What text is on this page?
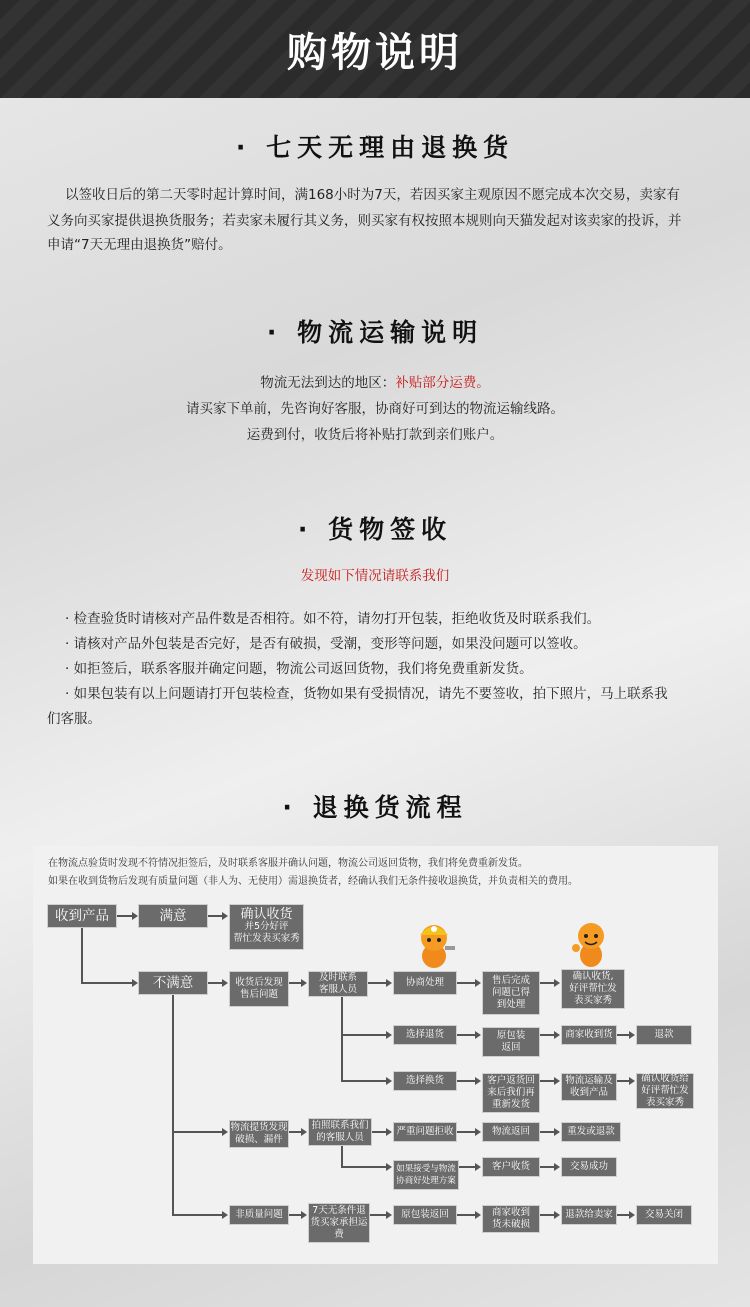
购物说明
· 七天无理由退换货
以签收日后的第二天零时起计算时间，满168小时为7天，若因买家主观原因不愿完成本次交易，卖家有
义务向买家提供退换货服务；若卖家未履行其义务，则买家有权按照本规则向天猫发起对该卖家的投诉，并
申请“7天无理由退换货”赔付。
· 物流运输说明
物流无法到达的地区：补贴部分运费。
请买家下单前，先咨询好客服，协商好可到达的物流运输线路。
运费到付，收货后将补贴打款到亲们账户。
· 货物签收
发现如下情况请联系我们
· 检查验货时请核对产品件数是否相符。如不符，请勿打开包装，拒绝收货及时联系我们。
· 请核对产品外包装是否完好，是否有破损，受潮，变形等问题，如果没问题可以签收。
· 如拒签后，联系客服并确定问题，物流公司返回货物，我们将免费重新发货。
· 如果包装有以上问题请打开包装检查，货物如果有受损情况，请先不要签收，拍下照片，马上联系我
们客服。
· 退换货流程
在物流点验货时发现不符情况拒签后，及时联系客服并确认问题，物流公司返回货物，我们将免费重新发货。
如果在收到货物后发现有质量问题（非人为、无使用）需退换货者，经确认我们无条件接收退换货，并负责相关的费用。
收到产品	满意	确认收货
并5分好评
帮忙发表买家秀
不满意	收货后发现
售后问题
及时联系
客服人员
协商处理	售后完成
问题已得
到处理
确认收货,
好评帮忙发
表买家秀
选择退货	原包装
返回
商家收到货	退款
选择换货	客户返货回
来后我们再
重新发货
物流运输及
收到产品
确认收货给
好评帮忙发
表买家秀
物流提货发现
破损、漏件
拍照联系我们
的客服人员
严重问题拒收	物流返回	重发或退款
如果接受与物流
协商好处理方案
客户收货	交易成功
非质量问题	7天无条件退
货买家承担运
费
原包装返回	商家收到
货未破损
退款给卖家	交易关闭
